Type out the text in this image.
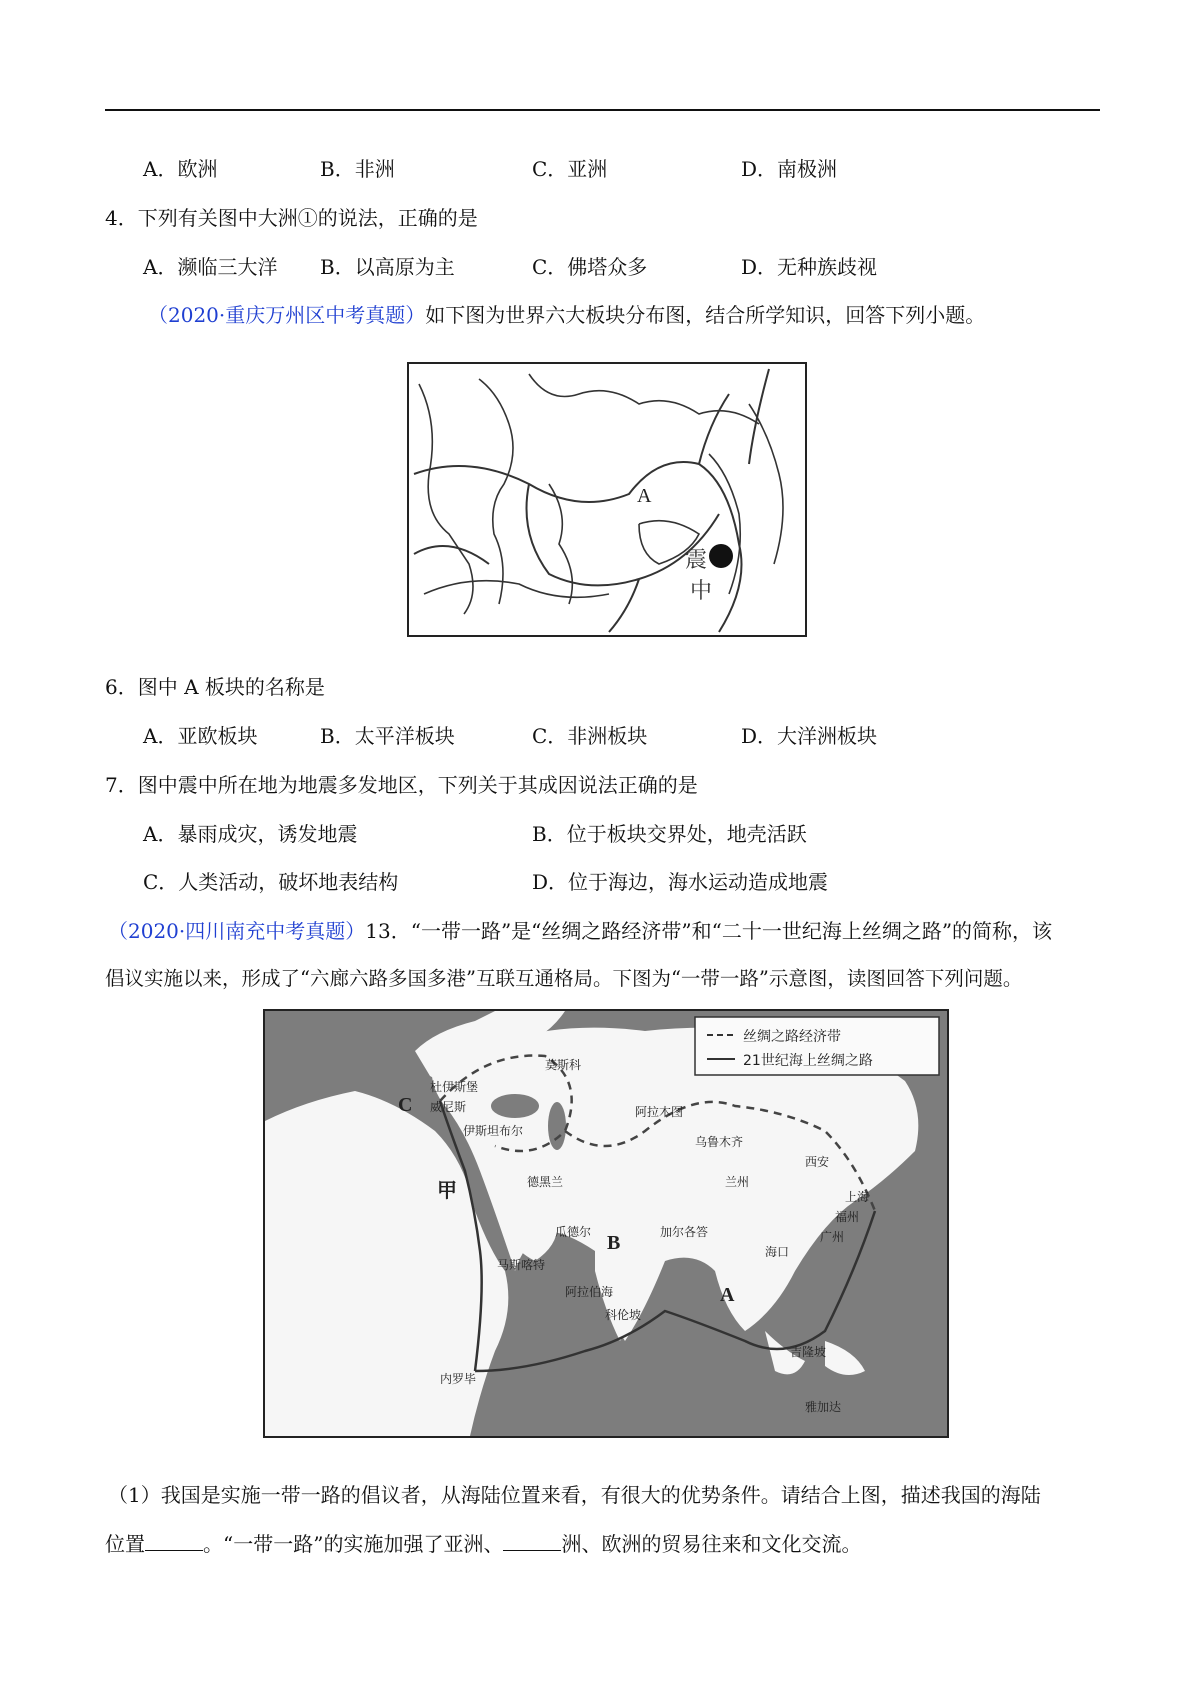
A．欧洲	B．非洲	C．亚洲	D．南极洲
4．下列有关图中大洲①的说法，正确的是
A．濒临三大洋 B．以高原为主	C．佛塔众多	D．无种族歧视
（2020·重庆万州区中考真题）如下图为世界六大板块分布图，结合所学知识，回答下列小题。
A
震
中
6．图中 A 板块的名称是
A．亚欧板块	B．太平洋板块	C．非洲板块	D．大洋洲板块
7．图中震中所在地为地震多发地区，下列关于其成因说法正确的是
A．暴雨成灾，诱发地震	B．位于板块交界处，地壳活跃
C．人类活动，破坏地表结构	D．位于海边，海水运动造成地震
（2020·四川南充中考真题）13．“一带一路”是“丝绸之路经济带”和“二十一世纪海上丝绸之路”的简称，该
倡议实施以来，形成了“六廊六路多国多港”互联互通格局。下图为“一带一路”示意图，读图回答下列问题。
丝绸之路经济带
21世纪海上丝绸之路
莫斯科
杜伊斯堡
威尼斯
伊斯坦布尔
阿拉木图
乌鲁木齐
德黑兰
西安
兰州
上海
福州
广州
海口
瓜德尔
马斯喀特
加尔各答
科伦坡
内罗毕
雅加达
吉隆坡
阿拉伯海
C
甲
B
A
（1）我国是实施一带一路的倡议者，从海陆位置来看，有很大的优势条件。请结合上图，描述我国的海陆
位置	。“一带一路”的实施加强了亚洲、	洲、欧洲的贸易往来和文化交流。
